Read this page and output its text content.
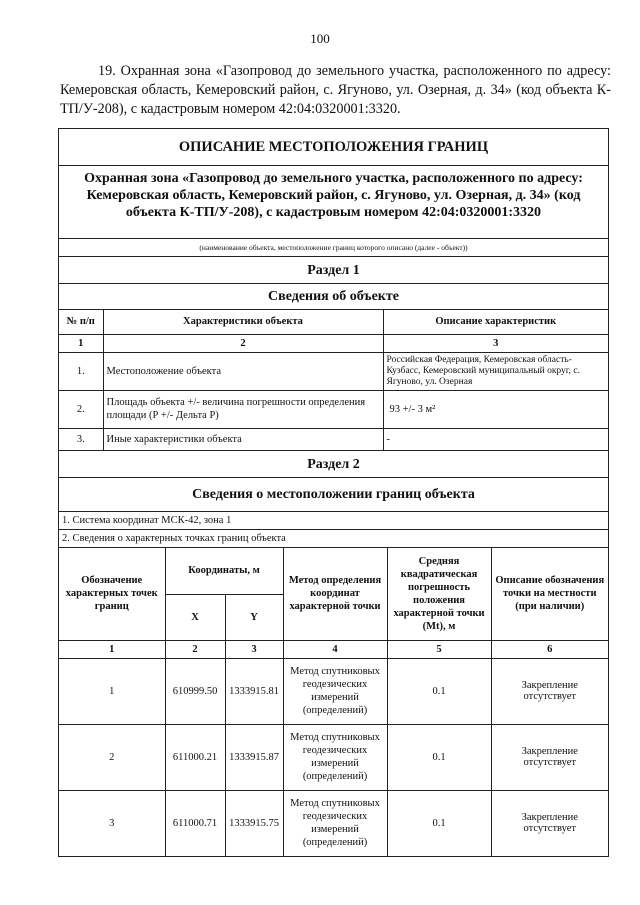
100
19. Охранная зона «Газопровод до земельного участка, расположенного по адресу: Кемеровская область, Кемеровский район, с. Ягуново, ул. Озерная, д. 34» (код объекта К-ТП/У-208), с кадастровым номером 42:04:0320001:3320.
ОПИСАНИЕ МЕСТОПОЛОЖЕНИЯ ГРАНИЦ
Охранная зона «Газопровод до земельного участка, расположенного по адресу: Кемеровская область, Кемеровский район, с. Ягуново, ул. Озерная, д. 34» (код объекта К-ТП/У-208), с кадастровым номером 42:04:0320001:3320
(наименование объекта, местоположение границ которого описано (далее - объект))
Раздел 1
Сведения об объекте
№ п/п	Характеристики объекта	Описание характеристик
1	2	3
1.	Местоположение объекта	Российская Федерация, Кемеровская область-Кузбасс, Кемеровский муниципальный округ, с. Ягуново, ул. Озерная
2.	Площадь объекта +/- величина погрешности определения площади (Р +/- Дельта Р)	93 +/- 3 м²
3.	Иные характеристики объекта	-
Раздел 2
Сведения о местоположении границ объекта
1. Система координат МСК-42, зона 1
2. Сведения о характерных точках границ объекта
Обозначение характерных точек границ	Координаты, м		Метод определения координат характерной точки	Средняя квадратическая погрешность положения характерной точки (Mt), м	Описание обозначения точки на местности (при наличии)
	X	Y			
1	2	3	4	5	6
1	610999.50	1333915.81	Метод спутниковых геодезических измерений (определений)	0.1	Закрепление отсутствует
2	611000.21	1333915.87	Метод спутниковых геодезических измерений (определений)	0.1	Закрепление отсутствует
3	611000.71	1333915.75	Метод спутниковых геодезических измерений (определений)	0.1	Закрепление отсутствует
